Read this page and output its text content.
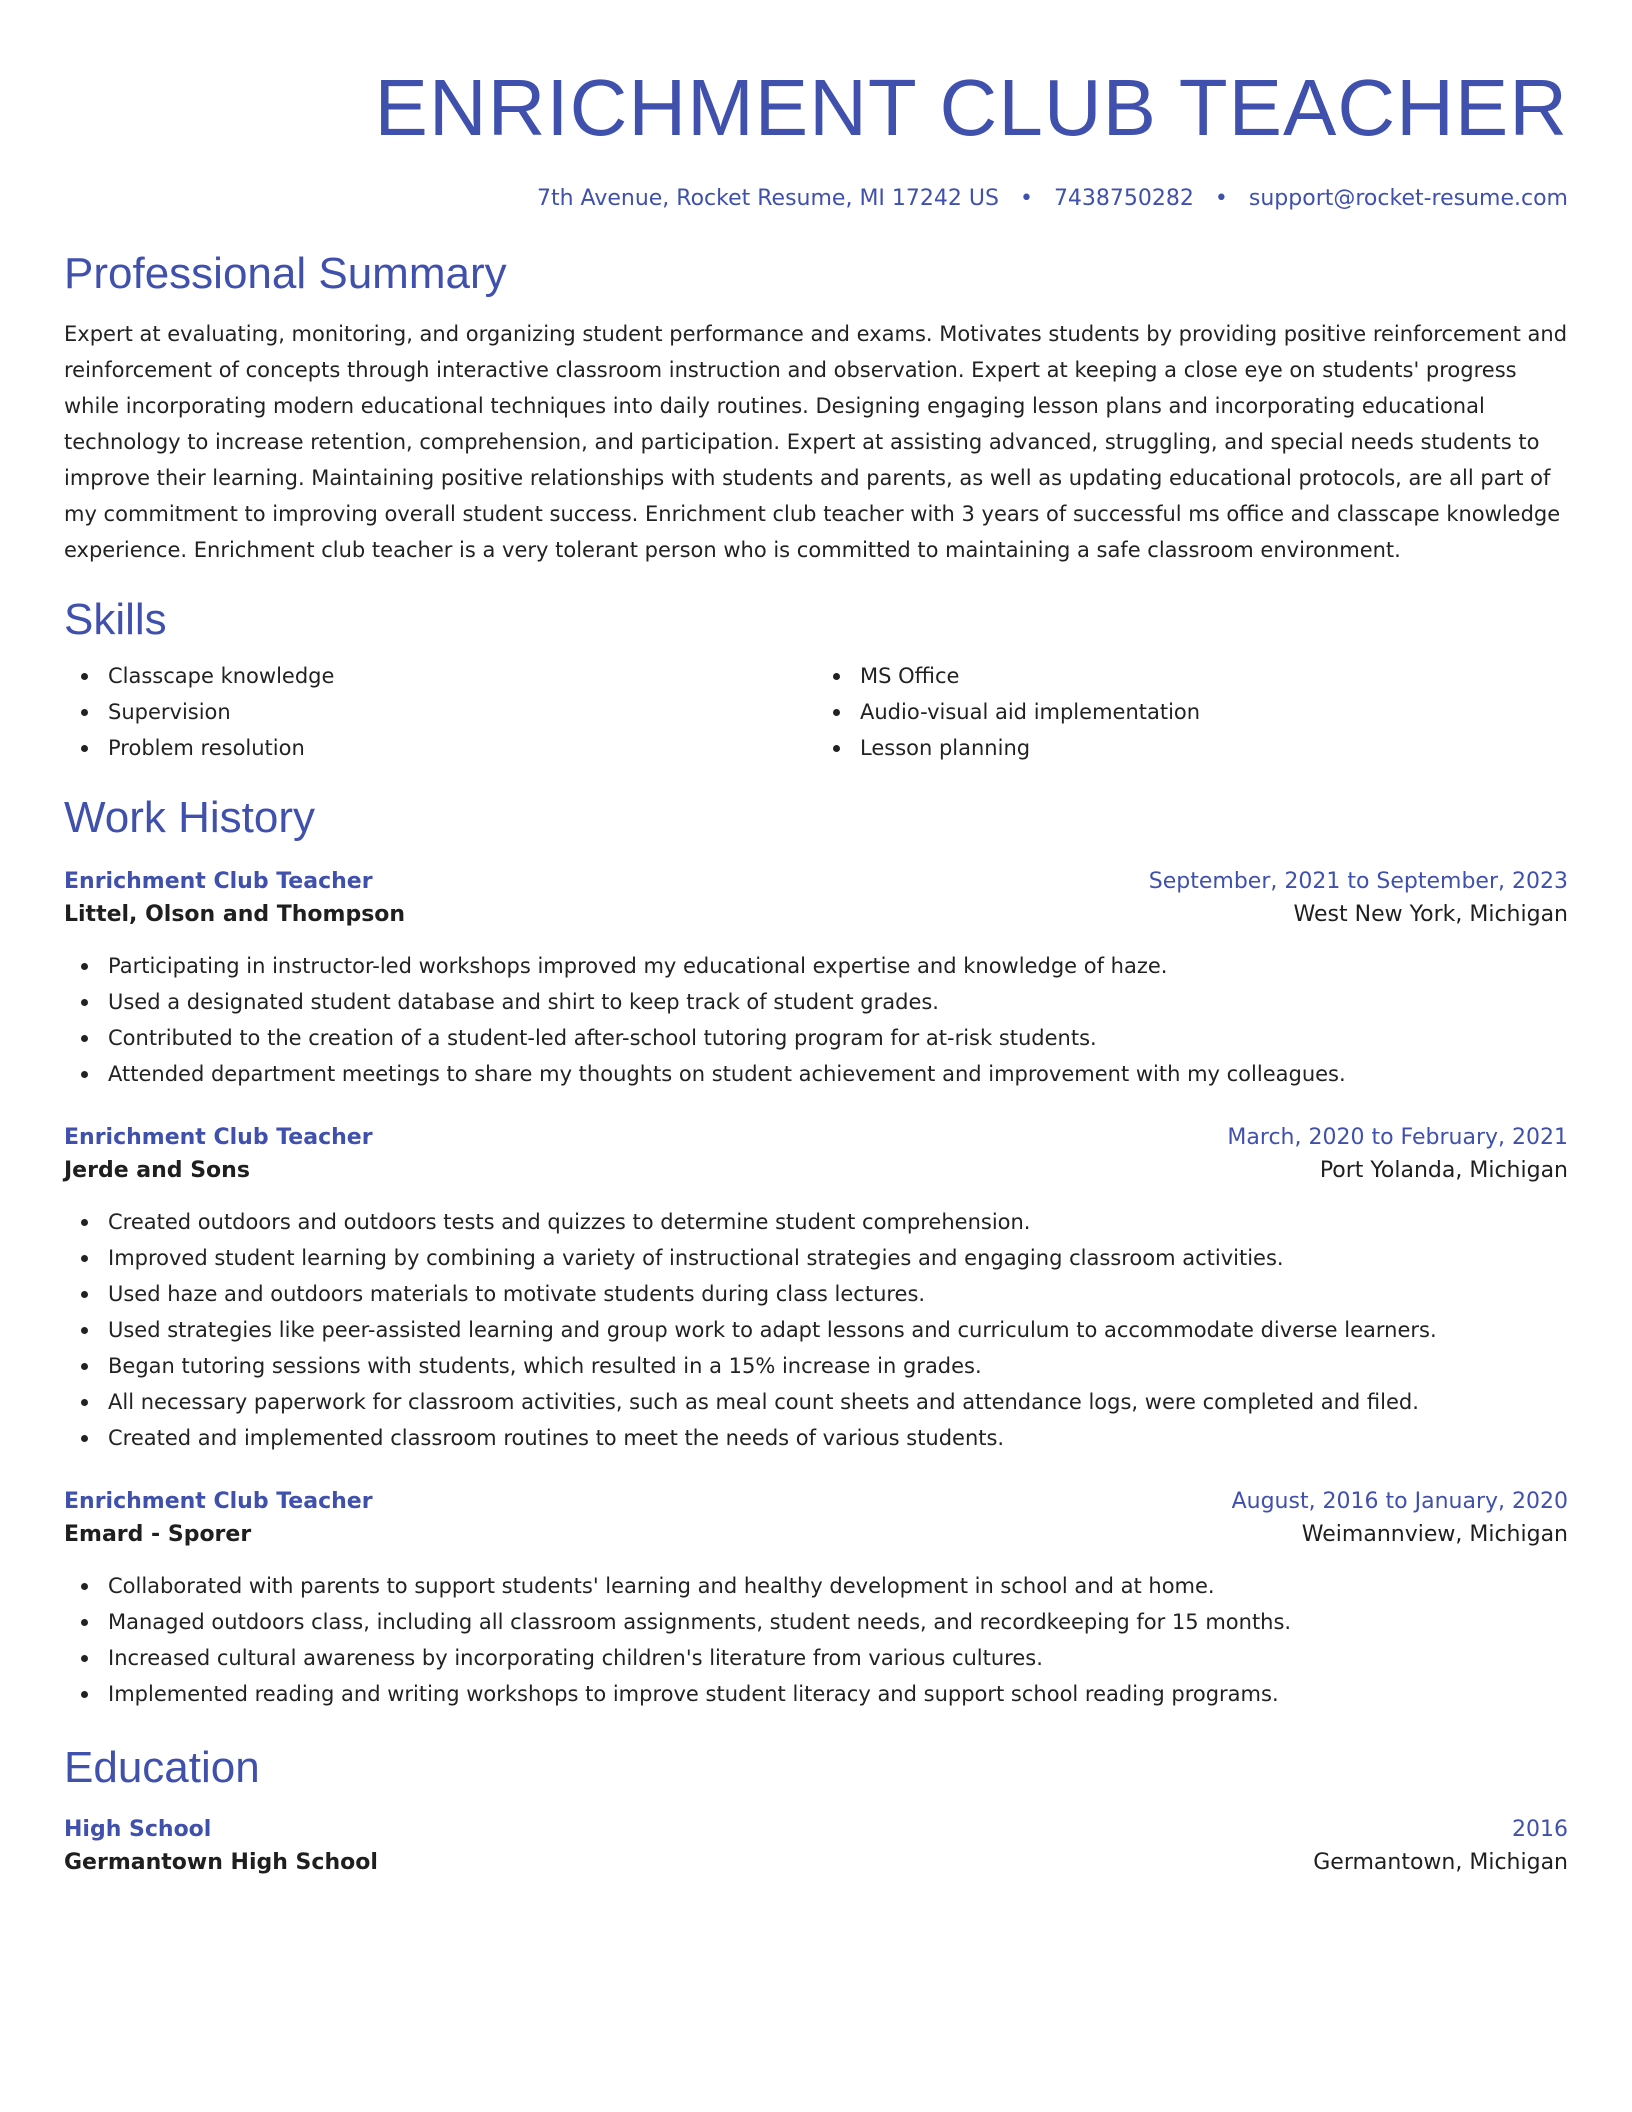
ENRICHMENT CLUB TEACHER
7th Avenue, Rocket Resume, MI 17242 US • 7438750282 • support@rocket-resume.com
Professional Summary

Expert at evaluating, monitoring, and organizing student performance and exams. Motivates students by providing positive reinforcement and reinforcement of concepts through interactive classroom instruction and observation. Expert at keeping a close eye on students' progress while incorporating modern educational techniques into daily routines. Designing engaging lesson plans and incorporating educational technology to increase retention, comprehension, and participation. Expert at assisting advanced, struggling, and special needs students to improve their learning. Maintaining positive relationships with students and parents, as well as updating educational protocols, are all part of my commitment to improving overall student success. Enrichment club teacher with 3 years of successful ms office and classcape knowledge experience. Enrichment club teacher is a very tolerant person who is committed to maintaining a safe classroom environment.

Skills
Classcape knowledge
Supervision
Problem resolution
MS Office
Audio-visual aid implementation
Lesson planning
Work History
Enrichment Club Teacher	September, 2021 to September, 2023
Littel, Olson and Thompson	West New York, Michigan
Participating in instructor-led workshops improved my educational expertise and knowledge of haze.
Used a designated student database and shirt to keep track of student grades.
Contributed to the creation of a student-led after-school tutoring program for at-risk students.
Attended department meetings to share my thoughts on student achievement and improvement with my colleagues.
Enrichment Club Teacher	March, 2020 to February, 2021
Jerde and Sons	Port Yolanda, Michigan
Created outdoors and outdoors tests and quizzes to determine student comprehension.
Improved student learning by combining a variety of instructional strategies and engaging classroom activities.
Used haze and outdoors materials to motivate students during class lectures.
Used strategies like peer-assisted learning and group work to adapt lessons and curriculum to accommodate diverse learners.
Began tutoring sessions with students, which resulted in a 15% increase in grades.
All necessary paperwork for classroom activities, such as meal count sheets and attendance logs, were completed and filed.
Created and implemented classroom routines to meet the needs of various students.
Enrichment Club Teacher	August, 2016 to January, 2020
Emard - Sporer	Weimannview, Michigan
Collaborated with parents to support students' learning and healthy development in school and at home.
Managed outdoors class, including all classroom assignments, student needs, and recordkeeping for 15 months.
Increased cultural awareness by incorporating children's literature from various cultures.
Implemented reading and writing workshops to improve student literacy and support school reading programs.
Education
High School	2016
Germantown High School	Germantown, Michigan
